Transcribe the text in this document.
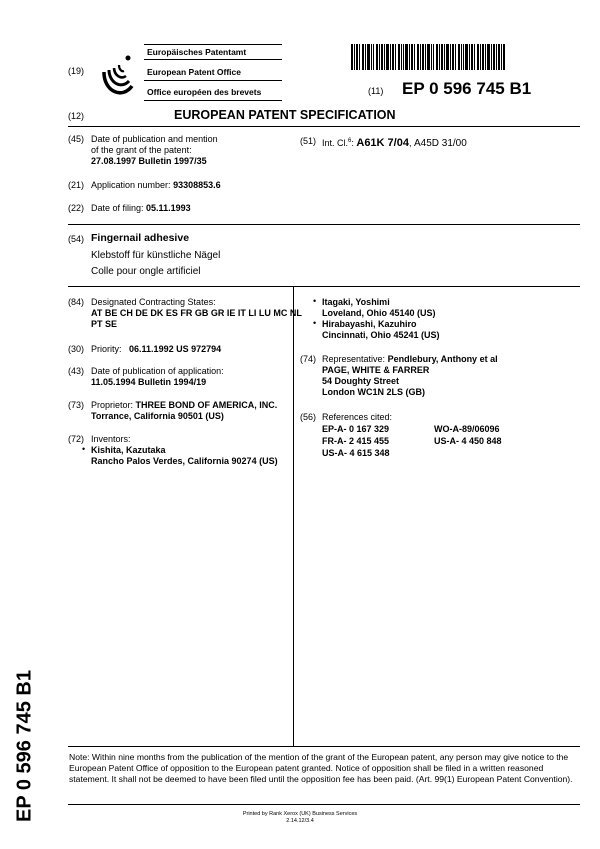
Europäisches Patentamt
European Patent Office
Office européen des brevets
(19)
(11) EP 0 596 745 B1
(12)	EUROPEAN PATENT SPECIFICATION
(45) Date of publication and mention
of the grant of the patent:
27.08.1997 Bulletin 1997/35
(51) Int. Cl.$^6$: A61K 7/04, A45D 31/00
(21) Application number: 93308853.6
(22) Date of filing: 05.11.1993
(54) Fingernail adhesive
Klebstoff für künstliche Nägel
Colle pour ongle artificiel
(84) Designated Contracting States:
AT BE CH DE DK ES FR GB GR IE IT LI LU MC NL
PT SE
(30) Priority: 06.11.1992 US 972794
(43) Date of publication of application:
11.05.1994 Bulletin 1994/19
(73) Proprietor: THREE BOND OF AMERICA, INC.
Torrance, California 90501 (US)
(72) Inventors:
• Kishita, Kazutaka
Rancho Palos Verdes, California 90274 (US)
• Itagaki, Yoshimi
Loveland, Ohio 45140 (US)
• Hirabayashi, Kazuhiro
Cincinnati, Ohio 45241 (US)
(74) Representative: Pendlebury, Anthony et al
PAGE, WHITE & FARRER
54 Doughty Street
London WC1N 2LS (GB)
(56) References cited:
EP-A- 0 167 329	WO-A-89/06096
FR-A- 2 415 455	US-A- 4 450 848
US-A- 4 615 348
EP 0 596 745 B1	Note: Within nine months from the publication of the mention of the grant of the European patent, any person may give notice to the European Patent Office of opposition to the European patent granted. Notice of opposition shall be filed in a written reasoned statement. It shall not be deemed to have been filed until the opposition fee has been paid. (Art. 99(1) European Patent Convention).
Printed by Rank Xerox (UK) Business Services
2.14.12/3.4
